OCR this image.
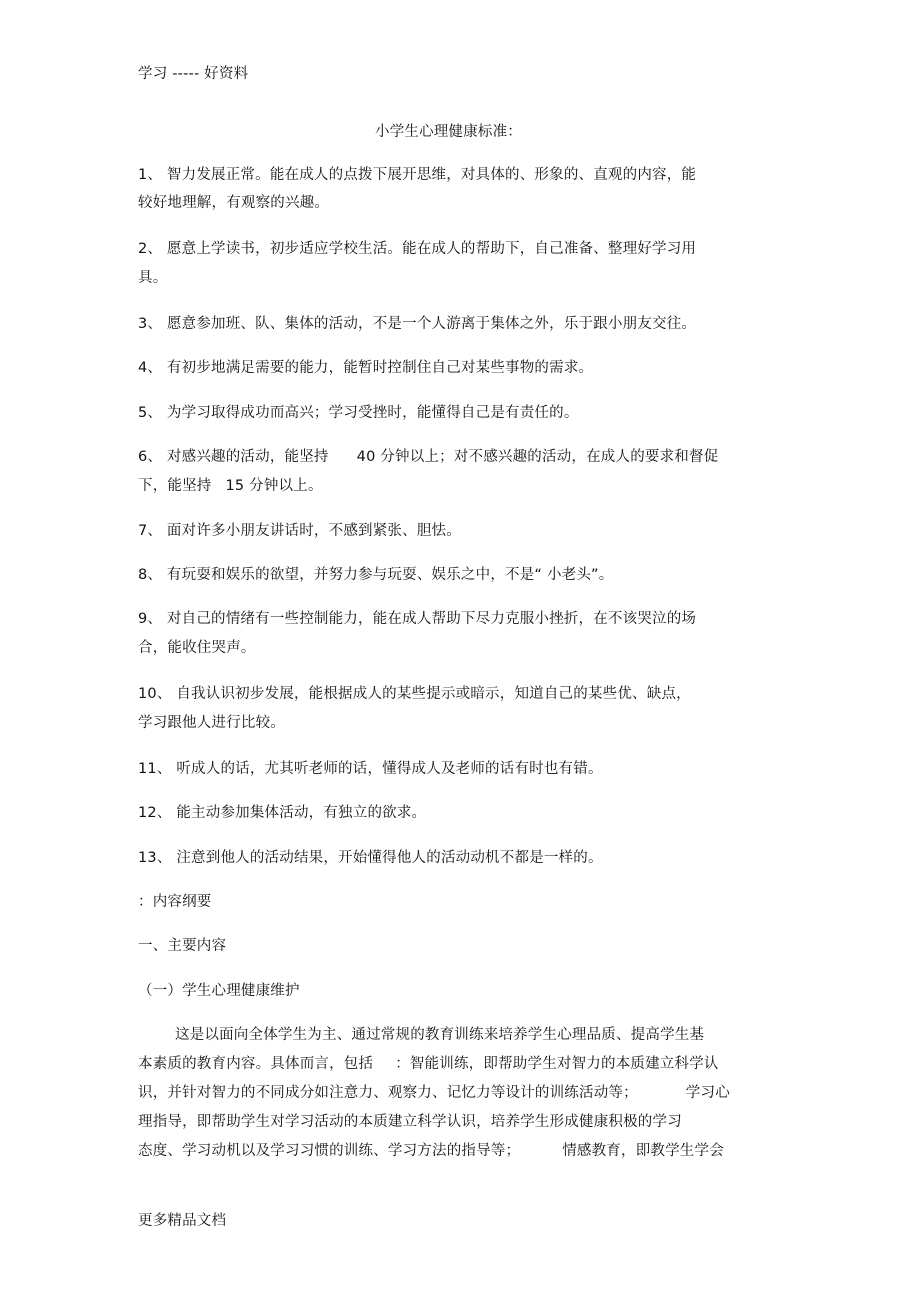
学习 ----- 好资料
小学生心理健康标准：
1、 智力发展正常。能在成人的点拨下展开思维，对具体的、形象的、直观的内容，能
较好地理解，有观察的兴趣。
2、 愿意上学读书，初步适应学校生活。能在成人的帮助下，自己准备、整理好学习用
具。
3、 愿意参加班、队、集体的活动，不是一个人游离于集体之外，乐于跟小朋友交往。
4、 有初步地满足需要的能力，能暂时控制住自己对某些事物的需求。
5、 为学习取得成功而高兴；学习受挫时，能懂得自己是有责任的。
6、 对感兴趣的活动，能坚持 40 分钟以上；对不感兴趣的活动，在成人的要求和督促
下，能坚持 15 分钟以上。
7、 面对许多小朋友讲话时，不感到紧张、胆怯。
8、 有玩耍和娱乐的欲望，并努力参与玩耍、娱乐之中，不是“ 小老头”。
9、 对自己的情绪有一些控制能力，能在成人帮助下尽力克服小挫折，在不该哭泣的场
合，能收住哭声。
10、 自我认识初步发展，能根据成人的某些提示或暗示，知道自己的某些优、缺点，
学习跟他人进行比较。
11、 听成人的话，尤其听老师的话，懂得成人及老师的话有时也有错。
12、 能主动参加集体活动，有独立的欲求。
13、 注意到他人的活动结果，开始懂得他人的活动动机不都是一样的。
：内容纲要
一、主要内容
（一）学生心理健康维护
这是以面向全体学生为主、通过常规的教育训练来培养学生心理品质、提高学生基
本素质的教育内容。具体而言，包括 ：智能训练，即帮助学生对智力的本质建立科学认
识，并针对智力的不同成分如注意力、观察力、记忆力等设计的训练活动等；	学习心
理指导，即帮助学生对学习活动的本质建立科学认识，培养学生形成健康积极的学习
态度、学习动机以及学习习惯的训练、学习方法的指导等；	情感教育，即教学生学会
更多精品文档
